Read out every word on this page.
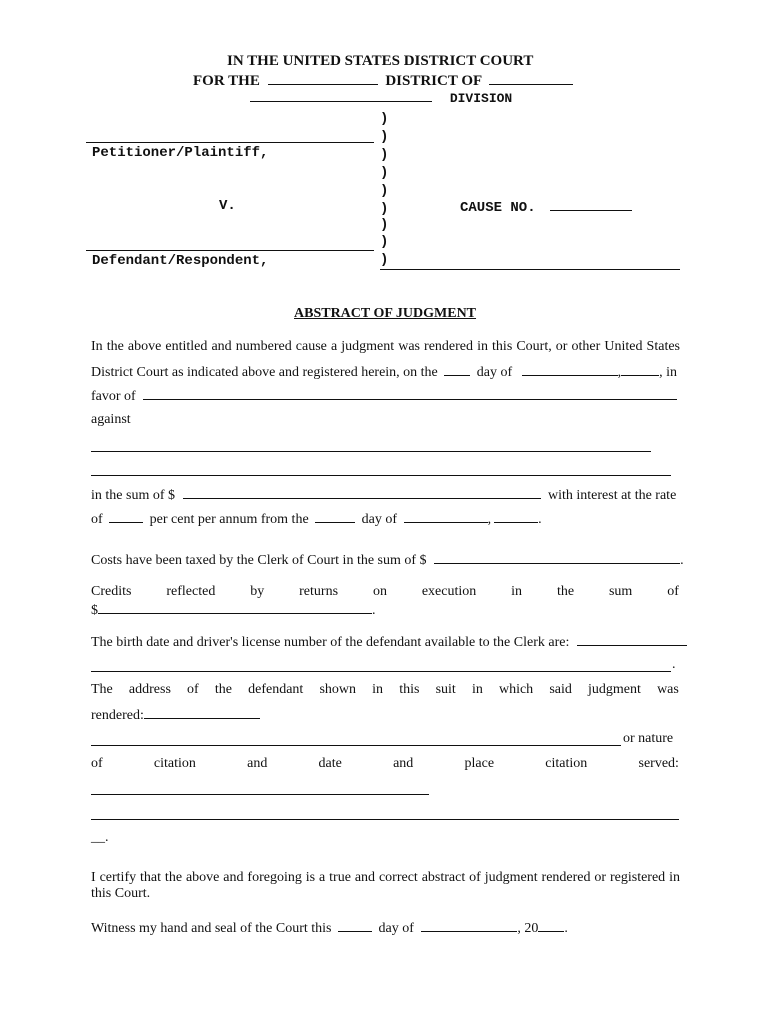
IN THE UNITED STATES DISTRICT COURT
FOR THE	DISTRICT OF
DIVISION
)
)
)
)
)
)
)
)
)
Petitioner/Plaintiff,
V.	CAUSE NO.
Defendant/Respondent,
ABSTRACT OF JUDGMENT
In the above entitled and numbered cause a judgment was rendered in this Court, or other United States
District Court as indicated above and registered herein, on the	day of	,	, in
favor of
against
in the sum of $	with interest at the rate
of	per cent per annum from the	day of	,	.
Costs have been taxed by the Clerk of Court in the sum of $	.
Credits reflected by returns on execution in the sum of
$	.
The birth date and driver's license number of the defendant available to the Clerk are:
.
The address of the defendant shown in this suit in which said judgment was
rendered:
or nature
of	citation	and	date	and	place	citation	served:
__.
I certify that the above and foregoing is a true and correct abstract of judgment rendered or registered in
this Court.
Witness my hand and seal of the Court this	day of	, 20 .
